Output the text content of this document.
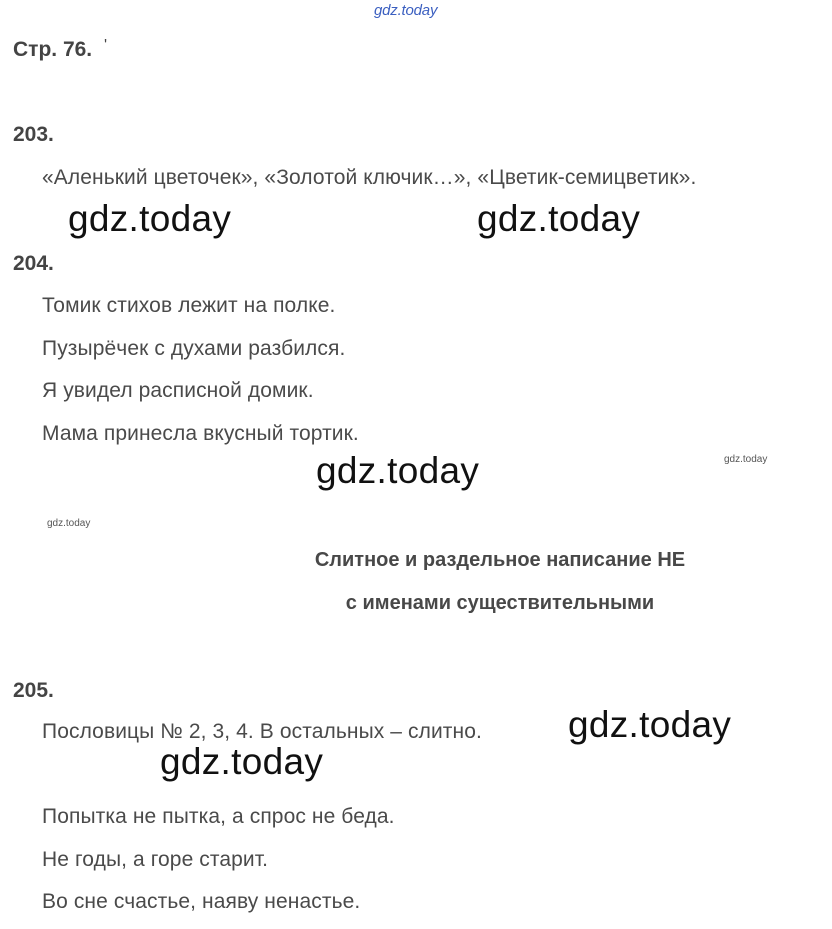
gdz.today
Стр. 76. '
203.
«Аленький цветочек», «Золотой ключик…», «Цветик-семицветик».
gdz.today	gdz.today
204.
Томик стихов лежит на полке.
Пузырёчек с духами разбился.
Я увидел расписной домик.
Мама принесла вкусный тортик.
gdz.today	gdz.today
gdz.today
Слитное и раздельное написание НЕ
с именами существительными
205.
Пословицы № 2, 3, 4. В остальных – слитно. gdz.today
gdz.today
Попытка не пытка, а спрос не беда.
Не годы, а горе старит.
Во сне счастье, наяву ненастье.
